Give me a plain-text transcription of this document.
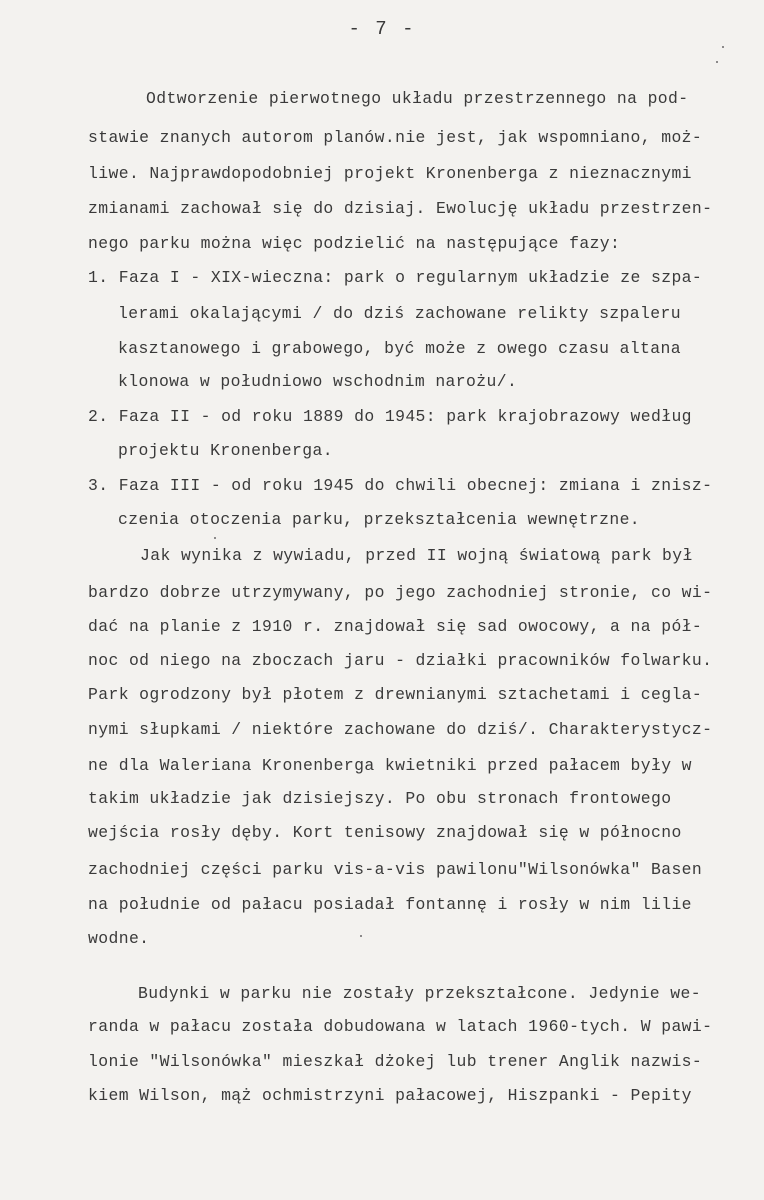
- 7 -
Odtworzenie pierwotnego układu przestrzennego na pod-
stawie znanych autorom planów.nie jest, jak wspomniano, moż-
liwe. Najprawdopodobniej projekt Kronenberga z nieznacznymi
zmianami zachował się do dzisiaj. Ewolucję układu przestrzen-
nego parku można więc podzielić na następujące fazy:
1. Faza I - XIX-wieczna: park o regularnym układzie ze szpa-
lerami okalającymi / do dziś zachowane relikty szpaleru
kasztanowego i grabowego, być może z owego czasu altana
klonowa w południowo wschodnim narożu/.
2. Faza II - od roku 1889 do 1945: park krajobrazowy według
projektu Kronenberga.
3. Faza III - od roku 1945 do chwili obecnej: zmiana i znisz-
czenia otoczenia parku, przekształcenia wewnętrzne.
Jak wynika z wywiadu, przed II wojną światową park był
bardzo dobrze utrzymywany, po jego zachodniej stronie, co wi-
dać na planie z 1910 r. znajdował się sad owocowy, a na pół-
noc od niego na zboczach jaru - działki pracowników folwarku.
Park ogrodzony był płotem z drewnianymi sztachetami i cegla-
nymi słupkami / niektóre zachowane do dziś/. Charakterystycz-
ne dla Waleriana Kronenberga kwietniki przed pałacem były w
takim układzie jak dzisiejszy. Po obu stronach frontowego
wejścia rosły dęby. Kort tenisowy znajdował się w północno
zachodniej części parku vis-a-vis pawilonu"Wilsonówka" Basen
na południe od pałacu posiadał fontannę i rosły w nim lilie
wodne.
Budynki w parku nie zostały przekształcone. Jedynie we-
randa w pałacu została dobudowana w latach 1960-tych. W pawi-
lonie "Wilsonówka" mieszkał dżokej lub trener Anglik nazwis-
kiem Wilson, mąż ochmistrzyni pałacowej, Hiszpanki - Pepity
